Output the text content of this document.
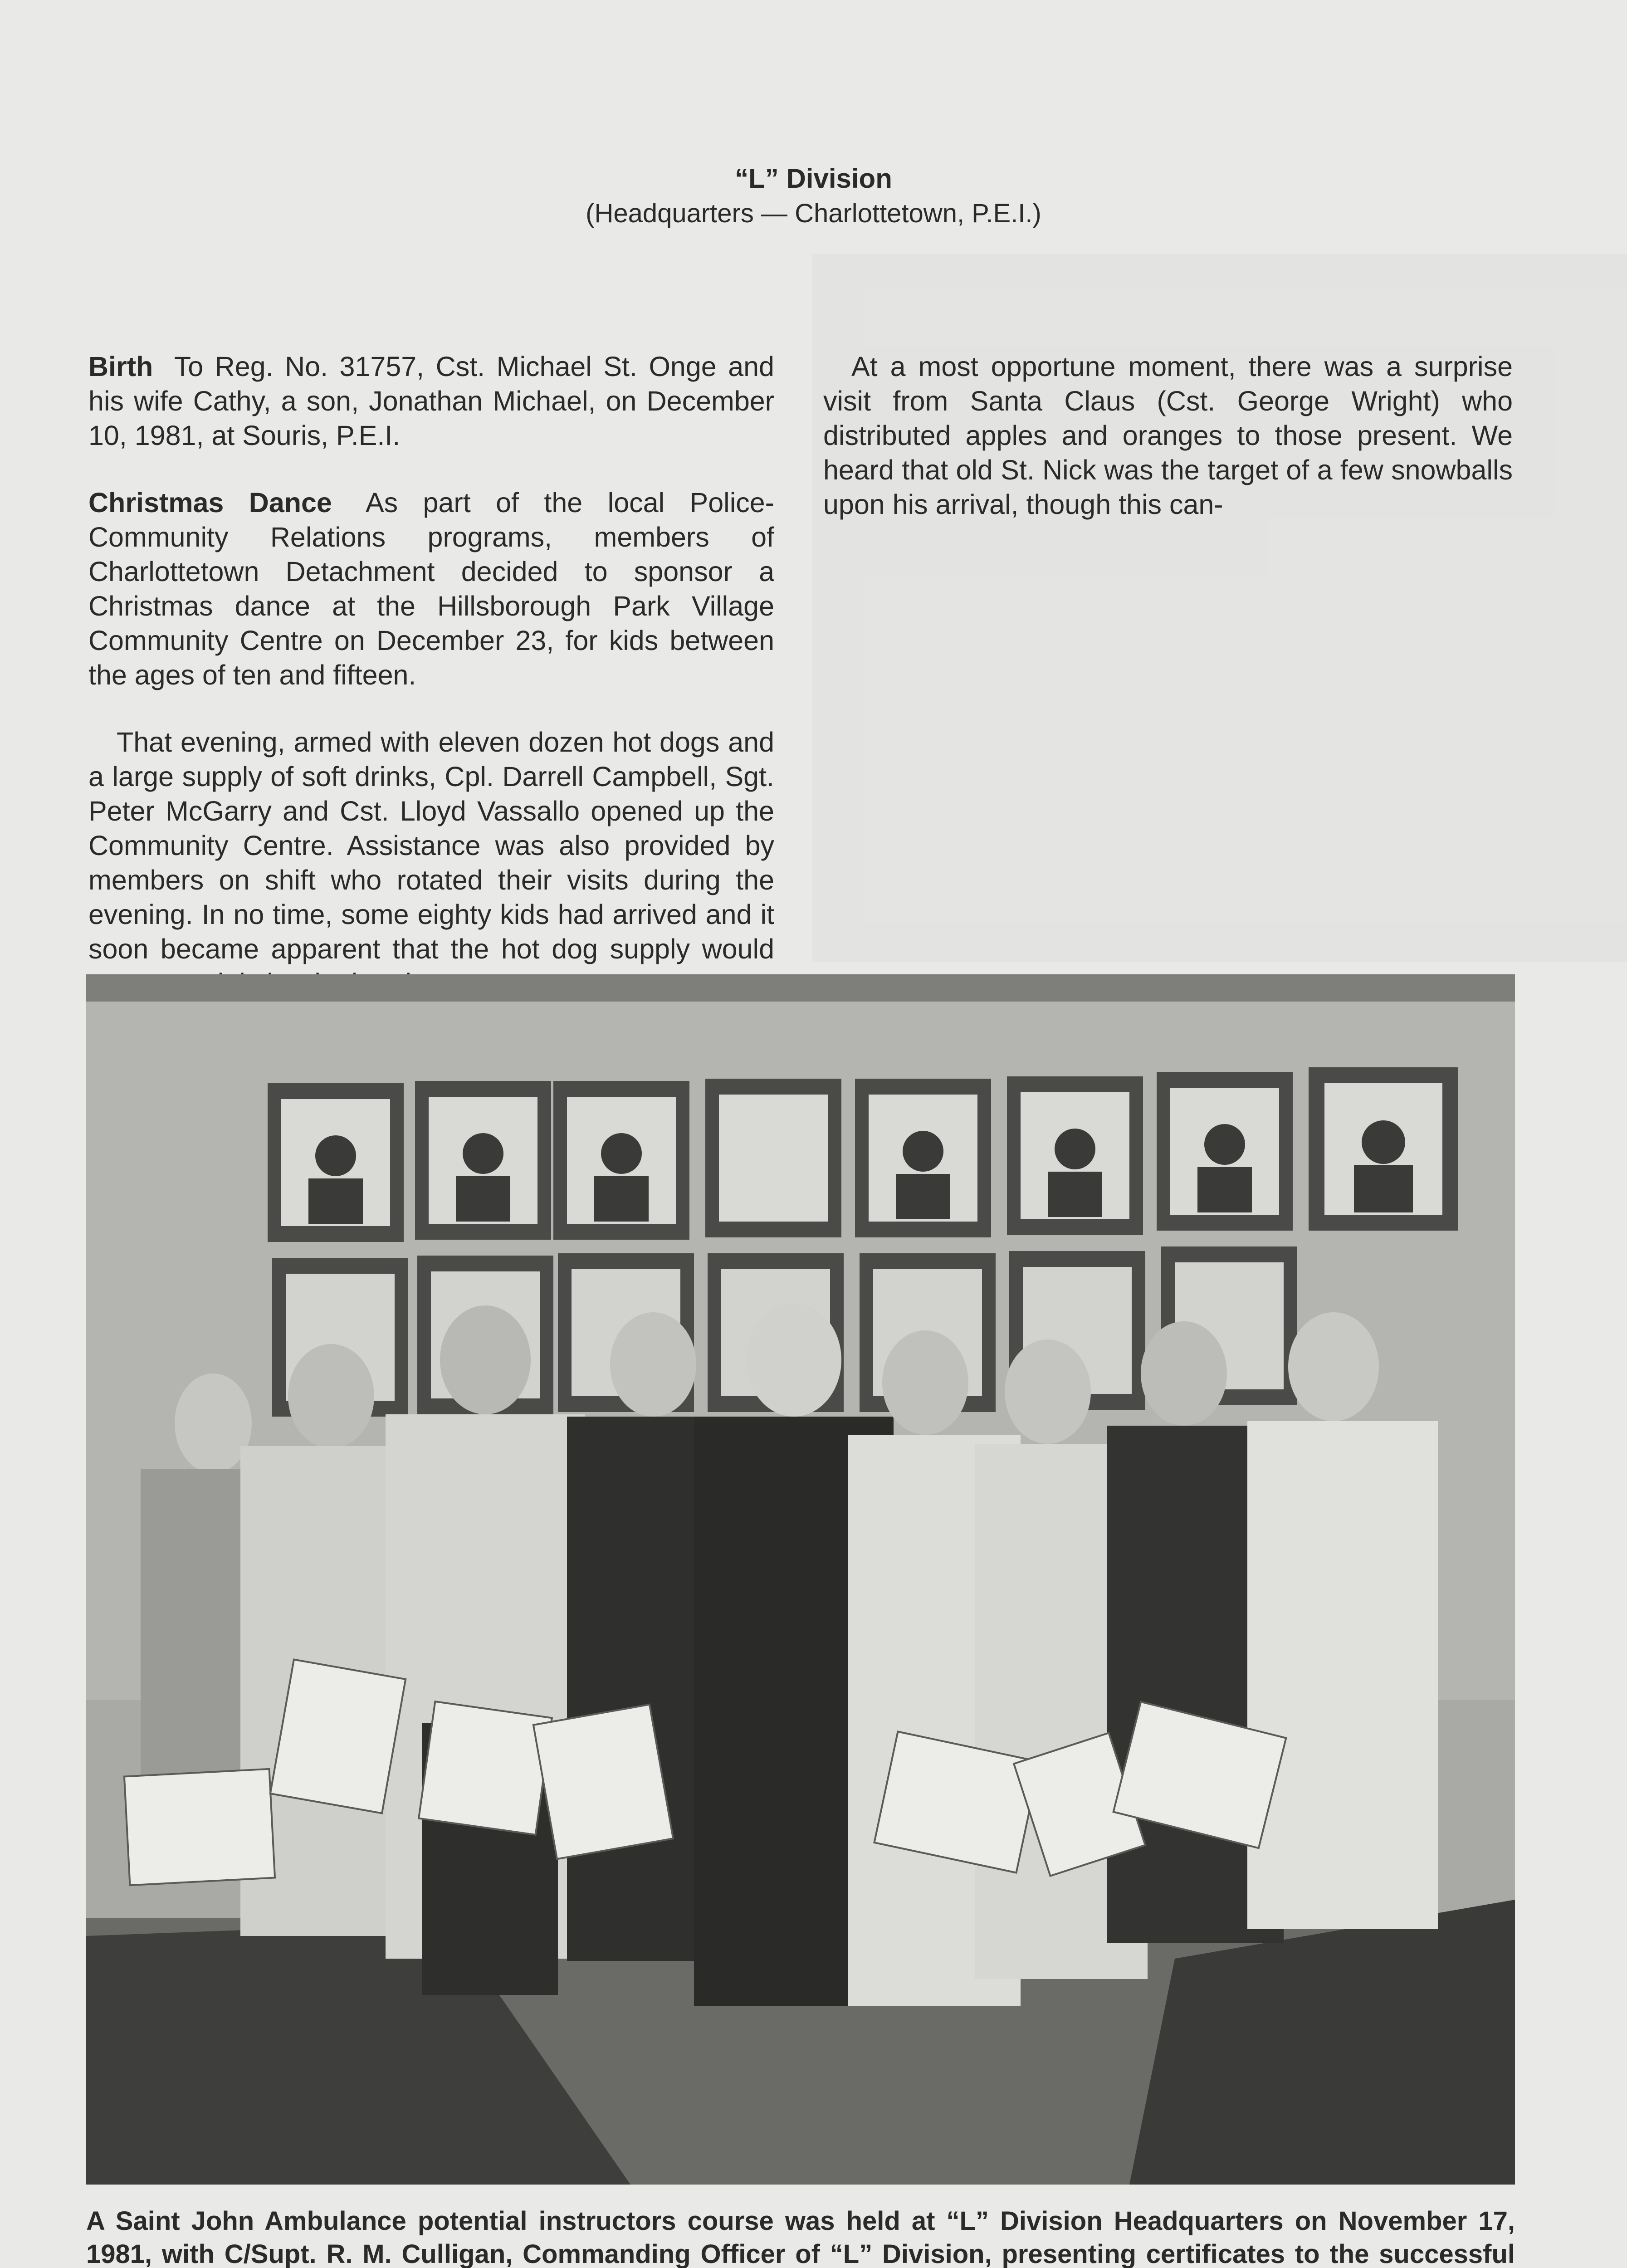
“L” Division
(Headquarters — Charlottetown, P.E.I.)

Birth To Reg. No. 31757, Cst. Michael St. Onge and his wife Cathy, a son, Jonathan Michael, on December 10, 1981, at Souris, P.E.I.

Christmas Dance As part of the local Police-Community Relations programs, members of Charlottetown Detachment decided to sponsor a Christmas dance at the Hillsborough Park Village Community Centre on December 23, for kids between the ages of ten and fifteen.

That evening, armed with eleven dozen hot dogs and a large supply of soft drinks, Cpl. Darrell Campbell, Sgt. Peter McGarry and Cst. Lloyd Vassallo opened up the Community Centre. Assistance was also provided by members on shift who rotated their visits during the evening. In no time, some eighty kids had arrived and it soon became apparent that the hot dog supply would

At a most opportune moment, there was a surprise visit from Santa Claus (Cst. George Wright) who distributed apples and oranges to those present. We heard that old St. Nick was the target of a few snowballs upon his arrival, though this can-

A Saint John Ambulance potential instructors course was held at “L” Division Headquarters on November 17, 1981, with C/Supt. R. M. Culligan, Commanding Officer of “L” Division, presenting certificates to the successful
